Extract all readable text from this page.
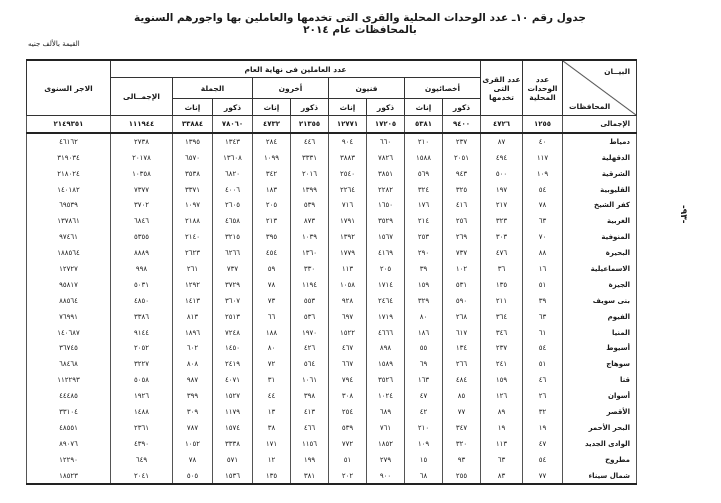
جدول رقم ١٠ـ عدد الوحدات المحلية والقرى التى تخدمها والعاملين بها واجورهم السنوية بالمحافظات عام ٢٠١٤
القيمة بالألف جنيه
-٩٣-
البيــان
المحافظات	عدد الوحدات المحلية	عدد القرى التى تخدمها	عدد العاملين فى نهاية العام									الاجر السنوى
			أخصائيون		فنيون		أخرون		الجملة		الإجمــالى	
			ذكور	إناث	ذكور	إناث	ذكور	إناث	ذكور	إناث		
الإجمالى	١٢٥٥	٤٧٢٦	٩٤٠٠	٥٣٨١	١٧٢٠٥	١٢٧٧١	٢١٣٥٥	٤٧٣٢	٧٨٠٦٠	٣٣٨٨٤	١١١٩٤٤	٢١٤٩٣٥١
دمياط	٤٠	٨٧	٢٣٧	٢١٠	٦٦٠	٩٠٤	٤٤٦	٢٨٤	١٣٤٣	١٣٩٥	٢٧٣٨	٤٦١٦٢
الدقهلية	١١٧	٤٩٤	٢٠٥١	١٥٨٨	٧٨٢٦	٣٨٨٣	٣٣٣١	١٠٩٩	١٣٦٠٨	٦٥٧٠	٢٠١٧٨	٣١٩٠٣٤
الشرقية	١٠٩	٥٠٠	٩٤٣	٥٦٩	٣٨٥١	٢٥٤٠	٢٠١٦	٣٤٢	٦٨٢٠	٣٥٣٨	١٠٣٥٨	٢١٨٠٢٤
القليوبية	٥٤	١٩٧	٣٢٥	٣٢٤	٢٢٨٢	٢٢٦٤	١٣٩٩	١٨٣	٤٠٠٦	٣٣٧١	٧٣٧٧	١٤٠١٨٢
كفر الشيخ	٧٨	٢١٧	٤١٦	١٧٦	١٦٥٠	٧١٦	٥٣٩	٢٠٥	٢٦٠٥	١٠٩٧	٣٧٠٢	٦٩٥٣٩
الغربية	٦٣	٣٢٣	٢٥٦	٢١٤	٣٥٢٩	١٧٩١	٨٧٣	٢١٣	٤٦٥٨	٢١٨٨	٦٨٤٦	١٣٧٨٦١
المنوفية	٧٠	٣٠٣	٢٦٩	٢٥٣	١٥٦٧	١٣٩٢	١٠٣٩	٣٩٥	٣٢١٥	٢١٤٠	٥٣٥٥	٩٧٤٦١
البحيرة	٨٨	٤٧٦	٧٣٧	٢٩٠	٤١٦٩	١٧٧٩	١٣٦٠	٤٥٤	٦٢٦٦	٢٦٢٣	٨٨٨٩	١٨٨٥٦٤
الاسماعيلية	١٦	٣٦	١٠٢	٣٩	٢٠٥	١١٣	٣٣٠	٥٩	٧٣٧	٢٦١	٩٩٨	١٢٧٢٧
الجيزة	٥١	١٣٥	٥٣١	١٥٩	١٧١٤	١٠٥٨	١١٩٤	٧٨	٣٧٢٩	١٢٩٢	٥٠٣١	٩٥٨١٧
بنى سويف	٣٩	٢١١	٥٩٠	٣٢٩	٢٤٦٤	٩٢٨	٥٥٣	٧٣	٣٦٠٧	١٤١٣	٤٨٥٠	٨٨٥٦٤
الفيوم	٦٣	٣٦٤	٢٦٨	٨٠	١٧١٩	٦٩٧	٥٣٦	٦٦	٢٥١٣	٨١٣	٣٣٨٦	٧٦٩٩١
المنيا	٦١	٣٤٦	٦١٧	١٨٦	٤٦٦٦	١٥٢٢	١٩٧٠	١٨٨	٧٢٤٨	١٨٩٦	٩١٤٤	١٤٠٦٨٧
أسيوط	٥٤	٢٣٧	١٣٤	٥٥	٨٩٨	٤٦٧	٤٢٦	٨٠	١٤٥٠	٦٠٢	٢٠٥٢	٣٦٧٤٥
سوهاج	٥١	٢٤١	٢٦٦	٦٩	١٥٨٩	٦٦٧	٥٦٤	٧٢	٢٤١٩	٨٠٨	٣٢٢٧	٦٨٤٦٨
قنا	٤٦	١٥٩	٤٨٤	١٦٣	٣٥٢٦	٧٩٤	١٠٦١	٣١	٤٠٧١	٩٨٧	٥٠٥٨	١١٢٢٩٣
أسوان	٢٦	١٢٦	٨٥	٤٧	١٠٢٤	٣٠٨	٣٩٨	٤٤	١٥٢٧	٣٩٩	١٩٢٦	٤٤٤٨٥
الأقصر	٣٢	٨٩	٧٧	٤٢	٦٨٩	٢٥٤	٤١٣	١٣	١١٧٩	٣٠٩	١٤٨٨	٣٣١٠٤
البحر الأحمر	١٩	١٩	٣٤٧	٢١٠	٧٦١	٥٣٩	٤٦٦	٣٨	١٥٧٤	٧٨٧	٢٣٦١	٤٨٥٥١
الوادى الجديد	٤٧	١١٣	٣٢٠	١٠٩	١٨٥٢	٧٧٢	١١٥٦	١٧١	٣٣٣٨	١٠٥٢	٤٣٩٠	٨٩٠٧٦
مطروح	٥٤	٦٣	٩٣	١٥	٢٧٩	٥١	١٩٩	١٢	٥٧١	٧٨	٦٤٩	١٢٢٩٠
شمال سيناء	٧٧	٨٣	٢٥٥	٦٨	٩٠٠	٢٠٢	٣٨١	١٣٥	١٥٣٦	٥٠٥	٢٠٤١	١٨٥٢٣
